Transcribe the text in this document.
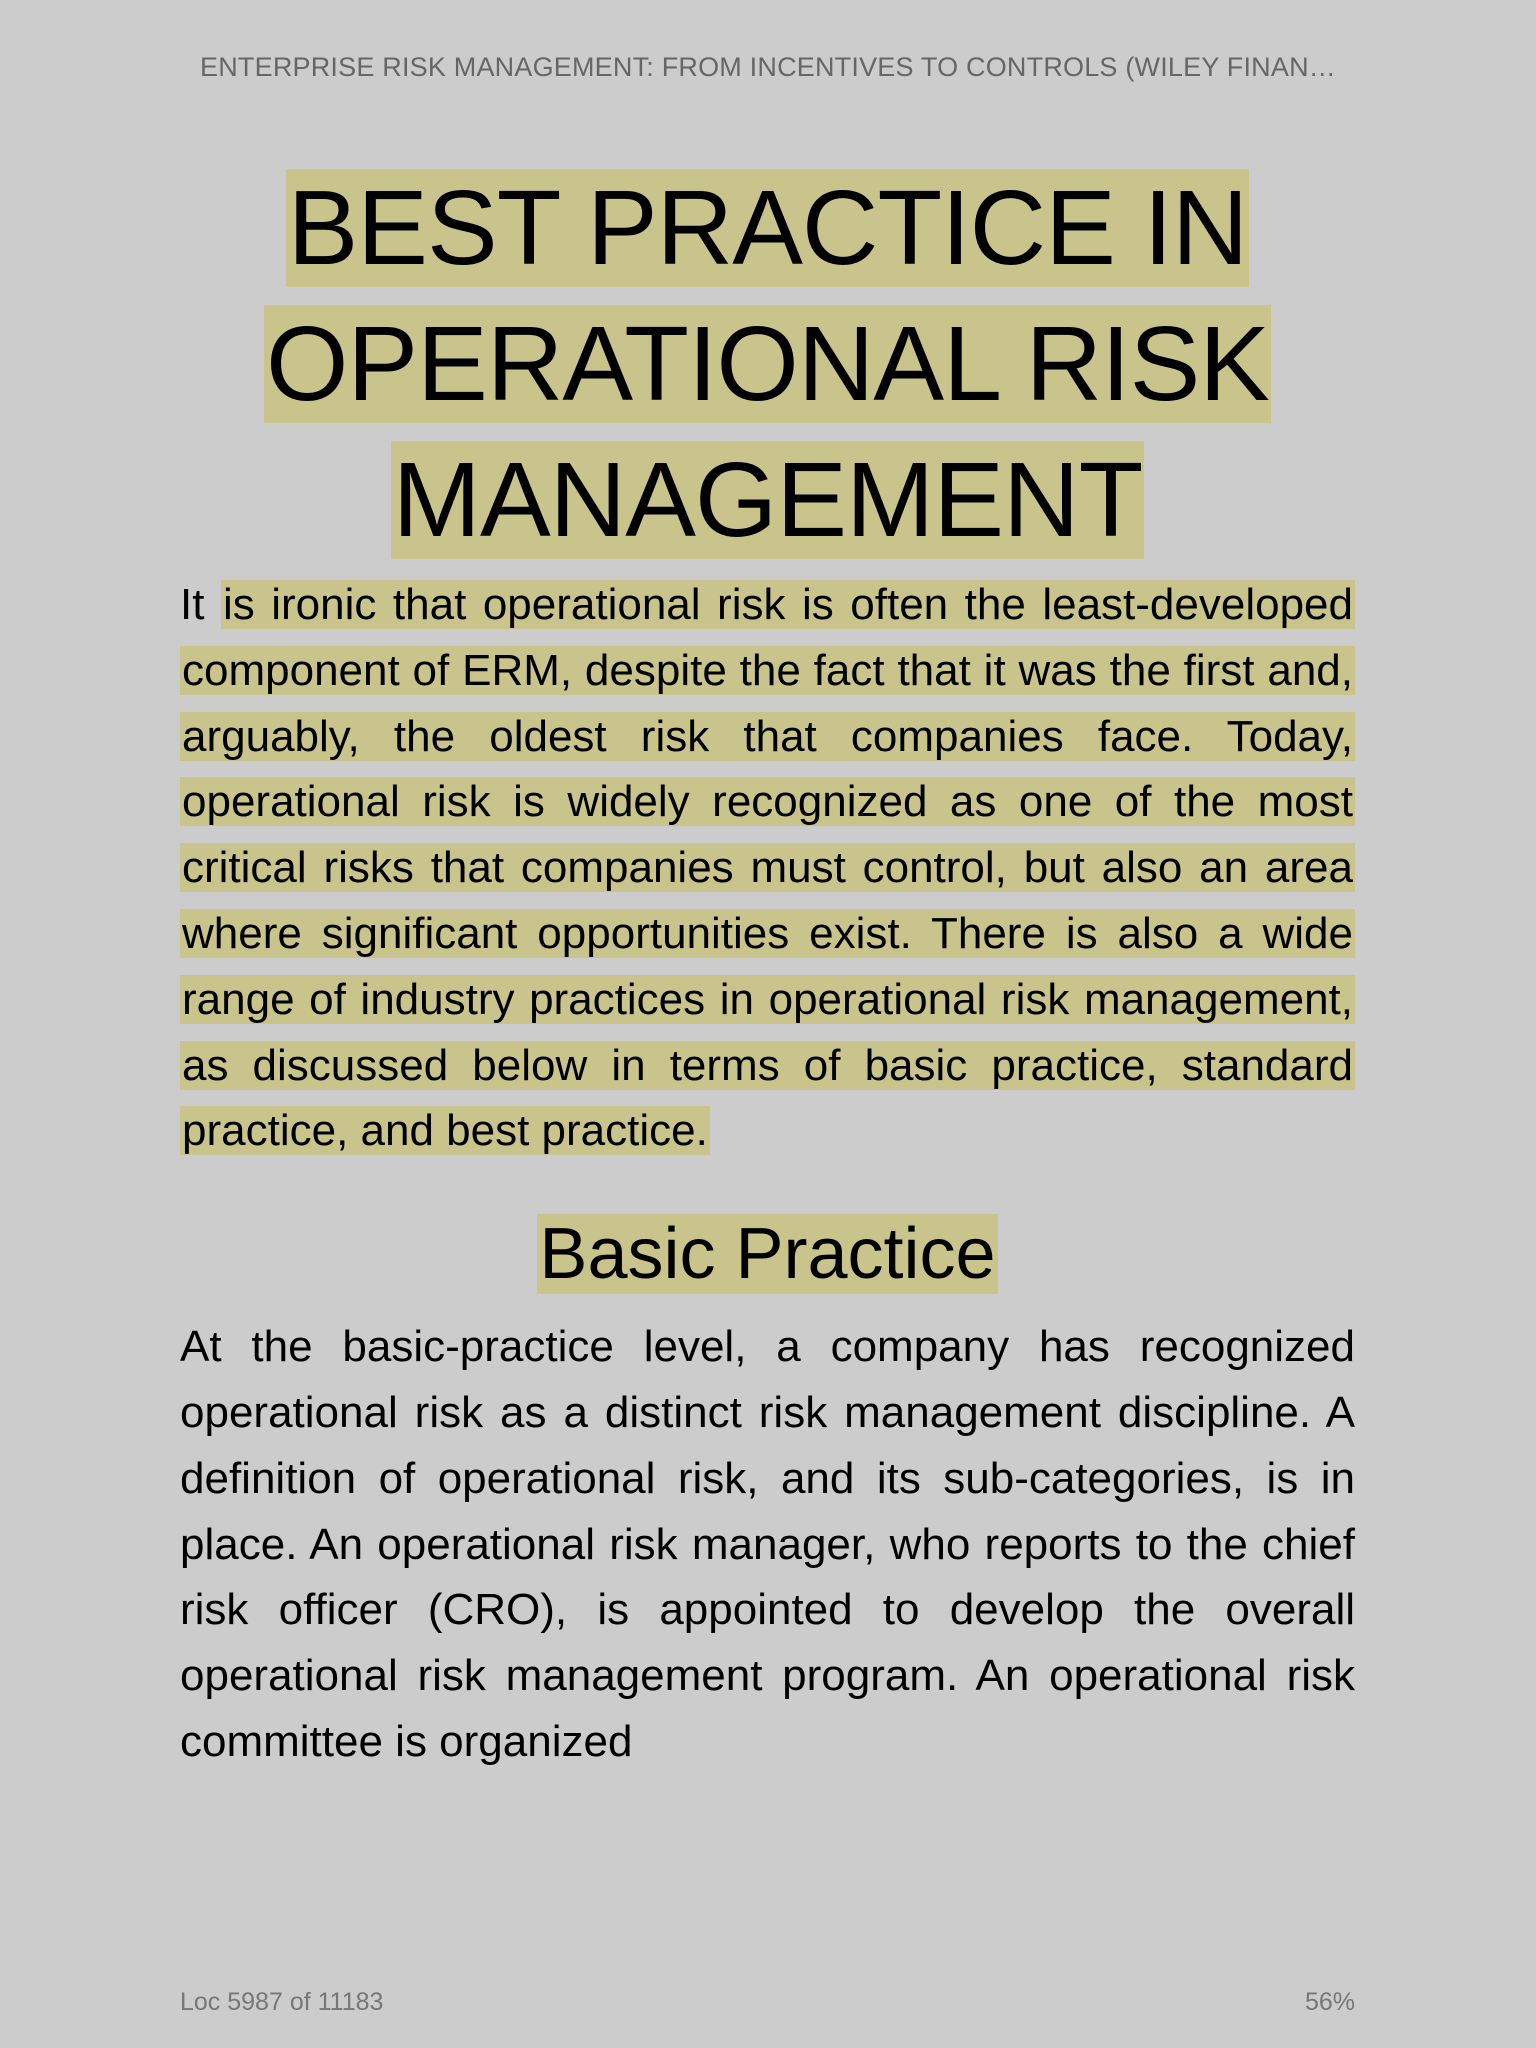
ENTERPRISE RISK MANAGEMENT: FROM INCENTIVES TO CONTROLS (WILEY FINAN…
BEST PRACTICE IN OPERATIONAL RISK MANAGEMENT

It is ironic that operational risk is often the least-developed component of ERM, despite the fact that it was the first and, arguably, the oldest risk that companies face. Today, operational risk is widely recognized as one of the most critical risks that companies must control, but also an area where significant opportunities exist. There is also a wide range of industry practices in operational risk management, as discussed below in terms of basic practice, standard practice, and best practice.

Basic Practice

At the basic-practice level, a company has recognized operational risk as a distinct risk management discipline. A definition of operational risk, and its sub-categories, is in place. An operational risk manager, who reports to the chief risk officer (CRO), is appointed to develop the overall operational risk management program. An operational risk committee is organized

Loc 5987 of 11183	56%
